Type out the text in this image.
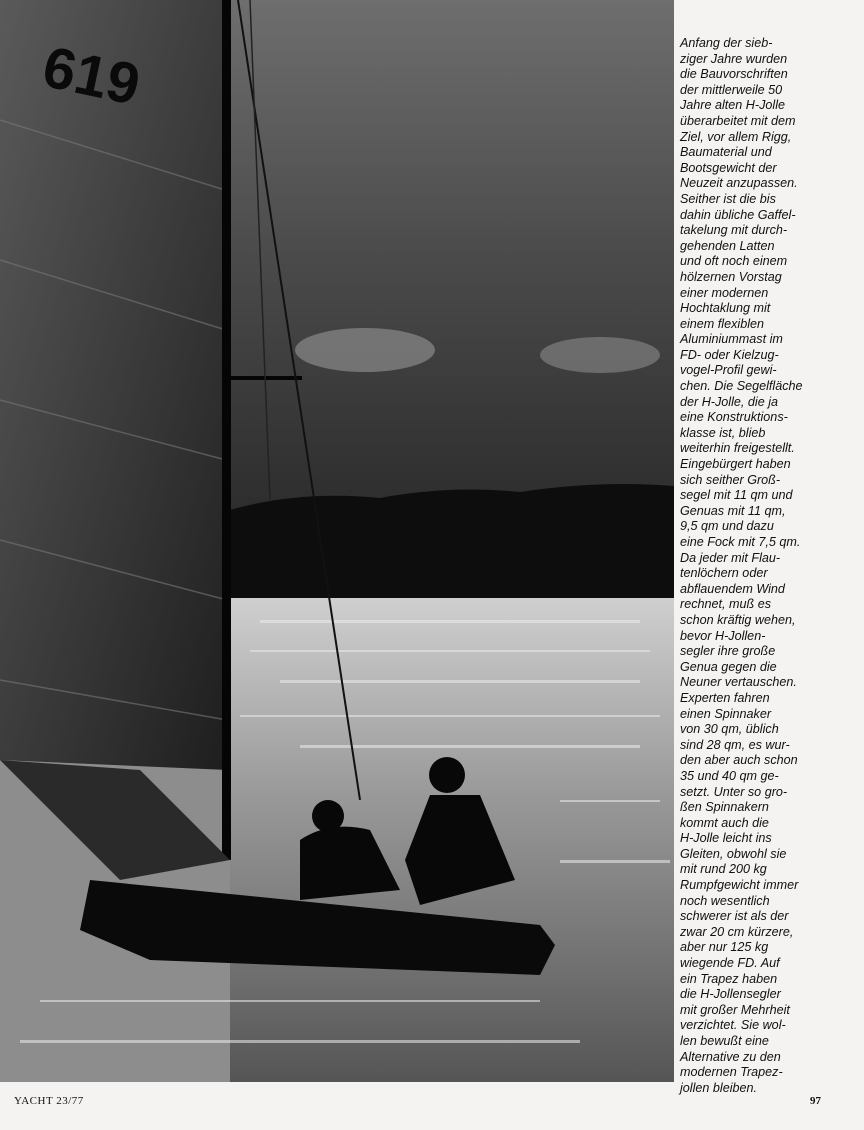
619	Anfang der sieb-
ziger Jahre wurden
die Bauvorschriften
der mittlerweile 50
Jahre alten H-Jolle
überarbeitet mit dem
Ziel, vor allem Rigg,
Baumaterial und
Bootsgewicht der
Neuzeit anzupassen.
Seither ist die bis
dahin übliche Gaffel-
takelung mit durch-
gehenden Latten
und oft noch einem
hölzernen Vorstag
einer modernen
Hochtaklung mit
einem flexiblen
Aluminiummast im
FD- oder Kielzug-
vogel-Profil gewi-
chen. Die Segelfläche
der H-Jolle, die ja
eine Konstruktions-
klasse ist, blieb
weiterhin freigestellt.
Eingebürgert haben
sich seither Groß-
segel mit 11 qm und
Genuas mit 11 qm,
9,5 qm und dazu
eine Fock mit 7,5 qm.
Da jeder mit Flau-
tenlöchern oder
abflauendem Wind
rechnet, muß es
schon kräftig wehen,
bevor H-Jollen-
segler ihre große
Genua gegen die
Neuner vertauschen.
Experten fahren
einen Spinnaker
von 30 qm, üblich
sind 28 qm, es wur-
den aber auch schon
35 und 40 qm ge-
setzt. Unter so gro-
ßen Spinnakern
kommt auch die
H-Jolle leicht ins
Gleiten, obwohl sie
mit rund 200 kg
Rumpfgewicht immer
noch wesentlich
schwerer ist als der
zwar 20 cm kürzere,
aber nur 125 kg
wiegende FD. Auf
ein Trapez haben
die H-Jollensegler
mit großer Mehrheit
verzichtet. Sie wol-
len bewußt eine
Alternative zu den
modernen Trapez-
jollen bleiben.
YACHT 23/77	97
